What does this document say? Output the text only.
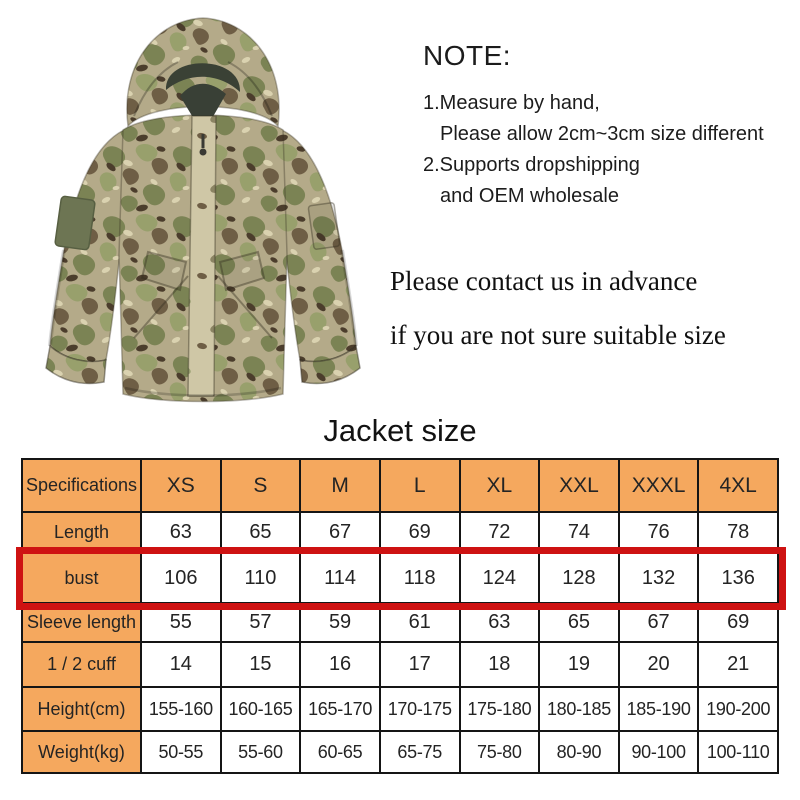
NOTE:
1.Measure by hand,
Please allow 2cm~3cm size different
2.Supports dropshipping
and OEM wholesale
Please contact us in advance
if you are not sure suitable size
Jacket size
Specifications	XS	S	M	L	XL	XXL	XXXL	4XL
Length	63	65	67	69	72	74	76	78
bust	106	110	114	118	124	128	132	136
Sleeve length	55	57	59	61	63	65	67	69
1 / 2 cuff	14	15	16	17	18	19	20	21
Height(cm)	155-160	160-165	165-170	170-175	175-180	180-185	185-190	190-200
Weight(kg)	50-55	55-60	60-65	65-75	75-80	80-90	90-100	100-110
